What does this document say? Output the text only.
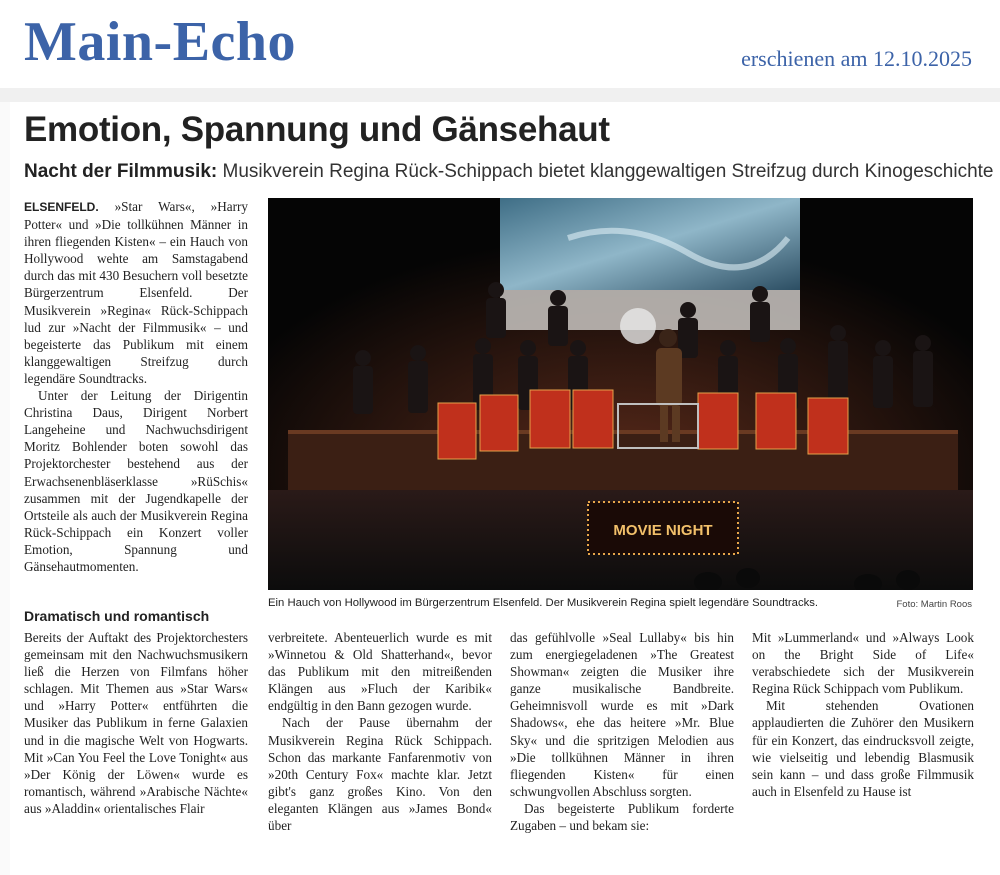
Main-Echo	erschienen am 12.10.2025
Emotion, Spannung und Gänsehaut
Nacht der Filmmusik: Musikverein Regina Rück-Schippach bietet klanggewaltigen Streifzug durch Kinogeschichte

ELSENFELD. »Star Wars«, »Harry Potter« und »Die tollkühnen Männer in ihren fliegenden Kisten« – ein Hauch von Hollywood wehte am Samstagabend durch das mit 430 Besuchern voll besetzte Bürgerzentrum Elsenfeld. Der Musikverein »Regina« Rück-Schippach lud zur »Nacht der Filmmusik« – und begeisterte das Publikum mit einem klanggewaltigen Streifzug durch legendäre Soundtracks.

Unter der Leitung der Dirigentin Christina Daus, Dirigent Norbert Langeheine und Nachwuchsdirigent Moritz Bohlender boten sowohl das Projektorchester bestehend aus der Erwachsenenbläserklasse »RüSchis« zusammen mit der Jugendkapelle der Ortsteile als auch der Musikverein Regina Rück-Schippach ein Konzert voller Emotion, Spannung und Gänsehautmomenten.

Dramatisch und romantisch

Bereits der Auftakt des Projektorchesters gemeinsam mit den Nachwuchsmusikern ließ die Herzen von Filmfans höher schlagen. Mit Themen aus »Star Wars« und »Harry Potter« entführten die Musiker das Publikum in ferne Galaxien und in die magische Welt von Hogwarts. Mit »Can You Feel the Love Tonight« aus »Der König der Löwen« wurde es romantisch, während »Arabische Nächte« aus »Aladdin« orientalisches Flair

verbreitete. Abenteuerlich wurde es mit »Winnetou & Old Shatterhand«, bevor das Publikum mit den mitreißenden Klängen aus »Fluch der Karibik« endgültig in den Bann gezogen wurde.

Nach der Pause übernahm der Musikverein Regina Rück Schippach. Schon das markante Fanfarenmotiv von »20th Century Fox« machte klar. Jetzt gibt's ganz großes Kino. Von den eleganten Klängen aus »James Bond« über

das gefühlvolle »Seal Lullaby« bis hin zum energiegeladenen »The Greatest Showman« zeigten die Musiker ihre ganze musikalische Bandbreite. Geheimnisvoll wurde es mit »Dark Shadows«, ehe das heitere »Mr. Blue Sky« und die spritzigen Melodien aus »Die tollkühnen Männer in ihren fliegenden Kisten« für einen schwungvollen Abschluss sorgten.

Das begeisterte Publikum forderte Zugaben – und bekam sie:

Mit »Lummerland« und »Always Look on the Bright Side of Life« verabschiedete sich der Musikverein Regina Rück Schippach vom Publikum.

Mit stehenden Ovationen applaudierten die Zuhörer den Musikern für ein Konzert, das eindrucksvoll zeigte, wie vielseitig und lebendig Blasmusik sein kann – und dass große Filmmusik auch in Elsenfeld zu Hause ist

MOVIE NIGHT
Ein Hauch von Hollywood im Bürgerzentrum Elsenfeld. Der Musikverein Regina spielt legendäre Soundtracks.	Foto: Martin Roos
